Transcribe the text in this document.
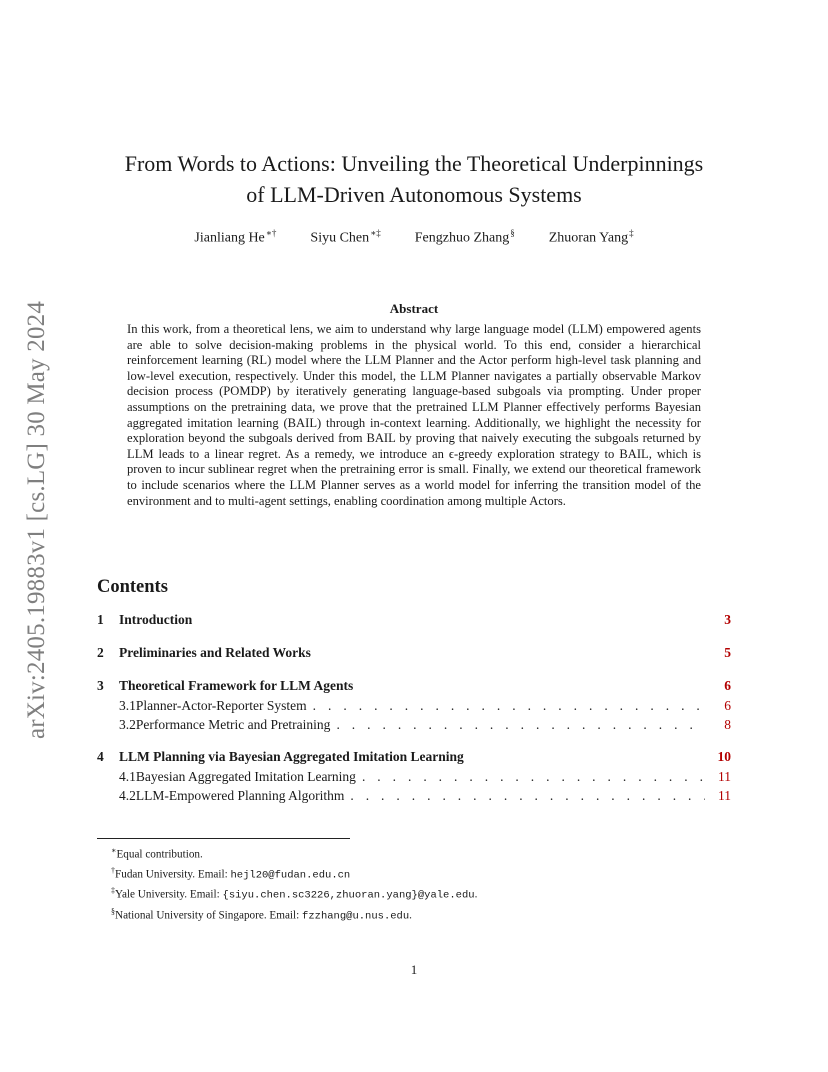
arXiv:2405.19883v1 [cs.LG] 30 May 2024
From Words to Actions: Unveiling the Theoretical Underpinnings
of LLM-Driven Autonomous Systems
Jianliang He∗† Siyu Chen∗‡ Fengzhuo Zhang§ Zhuoran Yang‡
Abstract

In this work, from a theoretical lens, we aim to understand why large language model (LLM) empowered agents are able to solve decision-making problems in the physical world. To this end, consider a hierarchical reinforcement learning (RL) model where the LLM Planner and the Actor perform high-level task planning and low-level execution, respectively. Under this model, the LLM Planner navigates a partially observable Markov decision process (POMDP) by iteratively generating language-based subgoals via prompting. Under proper assumptions on the pretraining data, we prove that the pretrained LLM Planner effectively performs Bayesian aggregated imitation learning (BAIL) through in-context learning. Additionally, we highlight the necessity for exploration beyond the subgoals derived from BAIL by proving that naively executing the subgoals returned by LLM leads to a linear regret. As a remedy, we introduce an ϵ-greedy exploration strategy to BAIL, which is proven to incur sublinear regret when the pretraining error is small. Finally, we extend our theoretical framework to include scenarios where the LLM Planner serves as a world model for inferring the transition model of the environment and to multi-agent settings, enabling coordination among multiple Actors.

Contents
1	Introduction	3
2	Preliminaries and Related Works	5
3	Theoretical Framework for LLM Agents	6
3.1 Planner-Actor-Reporter System . . .	6
3.2 Performance Metric and Pretraining . . .	8
4	LLM Planning via Bayesian Aggregated Imitation Learning	10
4.1 Bayesian Aggregated Imitation Learning . . .	11
4.2 LLM-Empowered Planning Algorithm . . .	11
∗Equal contribution.
†Fudan University. Email: hejl20@fudan.edu.cn
‡Yale University. Email: {siyu.chen.sc3226,zhuoran.yang}@yale.edu.
§National University of Singapore. Email: fzzhang@u.nus.edu.
1
